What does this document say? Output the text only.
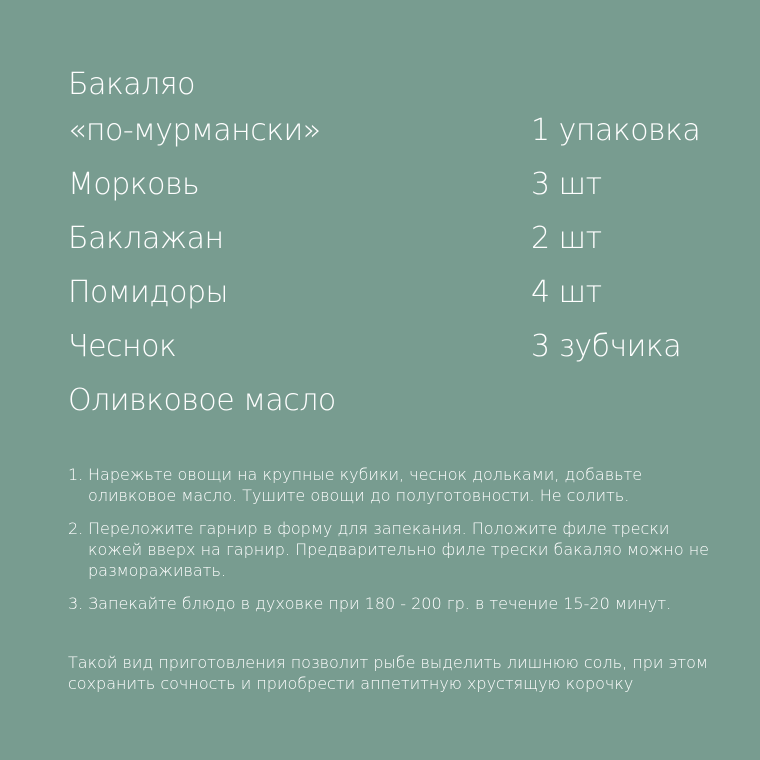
Бакаляо
«по-мурмански»	1 упаковка
Морковь	3 шт
Баклажан	2 шт
Помидоры	4 шт
Чеснок	3 зубчика
Оливковое масло
1. Нарежьте овощи на крупные кубики, чеснок дольками, добавьте оливковое масло. Тушите овощи до полуготовности. Не солить.
2. Переложите гарнир в форму для запекания. Положите филе трески кожей вверх на гарнир. Предварительно филе трески бакаляо можно не размораживать.
3. Запекайте блюдо в духовке при 180 - 200 гр. в течение 15-20 минут.
Такой вид приготовления позволит рыбе выделить лишнюю соль, при этом сохранить сочность и приобрести аппетитную хрустящую корочку
